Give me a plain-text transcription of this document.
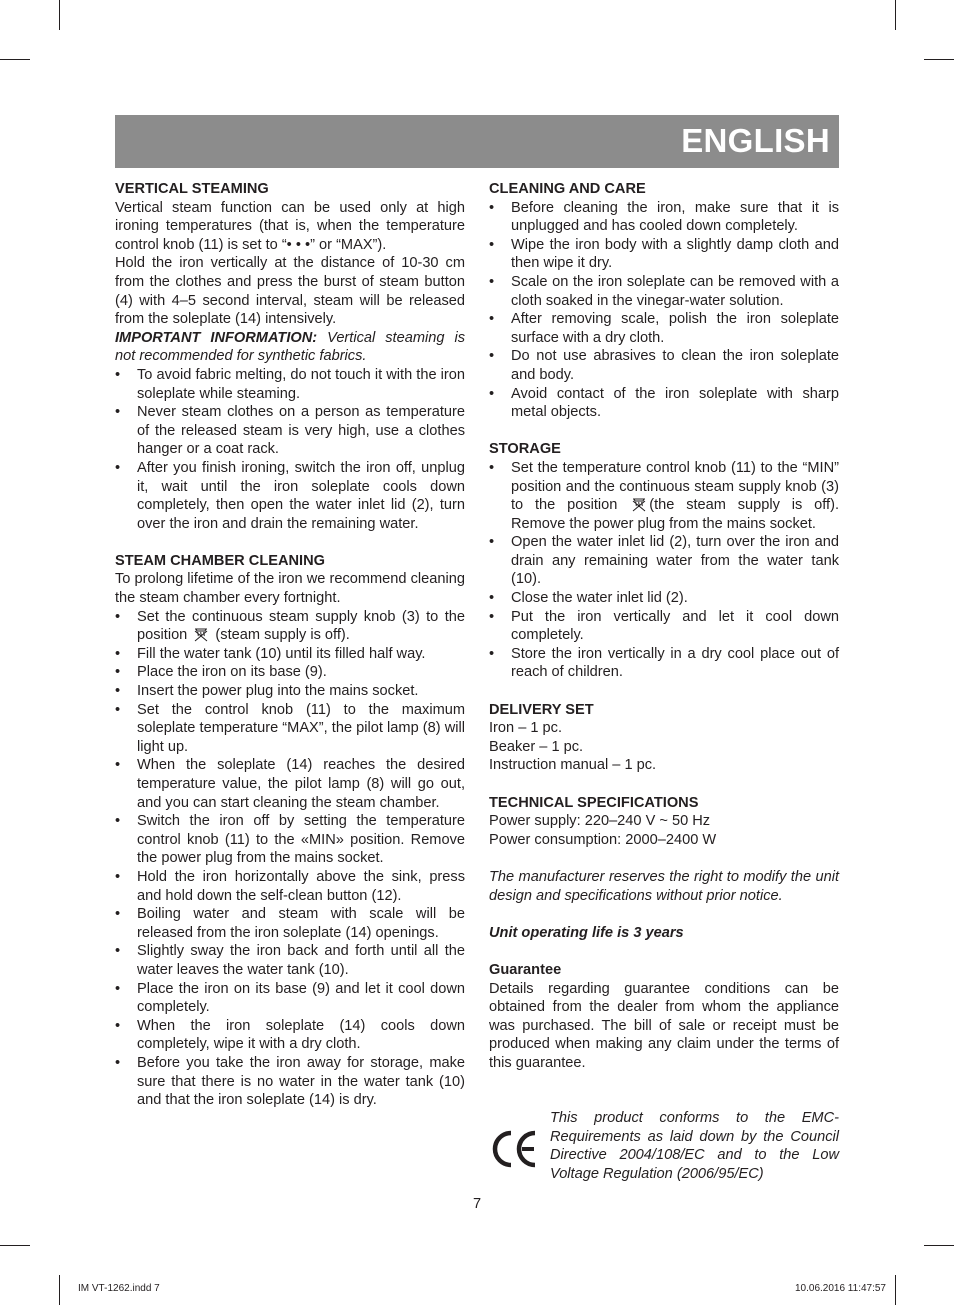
ENGLISH
VERTICAL STEAMING

Vertical steam function can be used only at high ironing temperatures (that is, when the temperature control knob (11) is set to “• • •” or “MAX”).

Hold the iron vertically at the distance of 10-30 cm from the clothes and press the burst of steam button (4) with 4–5 second interval, steam will be released from the soleplate (14) intensively.

IMPORTANT INFORMATION: Vertical steaming is not recommended for synthetic fabrics.

• To avoid fabric melting, do not touch it with the iron soleplate while steaming.
• Never steam clothes on a person as temperature of the released steam is very high, use a clothes hanger or a coat rack.
• After you finish ironing, switch the iron off, unplug it, wait until the iron soleplate cools down completely, then open the water inlet lid (2), turn over the iron and drain the remaining water.
STEAM CHAMBER CLEANING

To prolong lifetime of the iron we recommend cleaning the steam chamber every fortnight.

• Set the continuous steam supply knob (3) to the position  (steam supply is off).
• Fill the water tank (10) until its filled half way.
• Place the iron on its base (9).
• Insert the power plug into the mains socket.
• Set the control knob (11) to the maximum soleplate temperature “MAX”, the pilot lamp (8) will light up.
• When the soleplate (14) reaches the desired temperature value, the pilot lamp (8) will go out, and you can start cleaning the steam chamber.
• Switch the iron off by setting the temperature control knob (11) to the «MIN» position. Remove the power plug from the mains socket.
• Hold the iron horizontally above the sink, press and hold down the self-clean button (12).
• Boiling water and steam with scale will be released from the iron soleplate (14) openings.
• Slightly sway the iron back and forth until all the water leaves the water tank (10).
• Place the iron on its base (9) and let it cool down completely.
• When the iron soleplate (14) cools down completely, wipe it with a dry cloth.
• Before you take the iron away for storage, make sure that there is no water in the water tank (10) and that the iron soleplate (14) is dry.
CLEANING AND CARE
• Before cleaning the iron, make sure that it is unplugged and has cooled down completely.
• Wipe the iron body with a slightly damp cloth and then wipe it dry.
• Scale on the iron soleplate can be removed with a cloth soaked in the vinegar-water solution.
• After removing scale, polish the iron soleplate surface with a dry cloth.
• Do not use abrasives to clean the iron soleplate and body.
• Avoid contact of the iron soleplate with sharp metal objects.
STORAGE
• Set the temperature control knob (11) to the “MIN” position and the continuous steam supply knob (3) to the position (the steam supply is off). Remove the power plug from the mains socket.
• Open the water inlet lid (2), turn over the iron and drain any remaining water from the water tank (10).
• Close the water inlet lid (2).
• Put the iron vertically and let it cool down completely.
• Store the iron vertically in a dry cool place out of reach of children.
DELIVERY SET

Iron – 1 pc.

Beaker – 1 pc.

Instruction manual – 1 pc.

TECHNICAL SPECIFICATIONS

Power supply: 220–240 V ~ 50 Hz

Power consumption: 2000–2400 W

The manufacturer reserves the right to modify the unit design and specifications without prior notice.

Unit operating life is 3 years

Guarantee

Details regarding guarantee conditions can be obtained from the dealer from whom the appliance was purchased. The bill of sale or receipt must be produced when making any claim under the terms of this guarantee.

This product conforms to the EMC-Requirements as laid down by the Council Directive 2004/108/EC and to the Low Voltage Regulation (2006/95/EC)
7
IM VT-1262.indd 7	10.06.2016 11:47:57
